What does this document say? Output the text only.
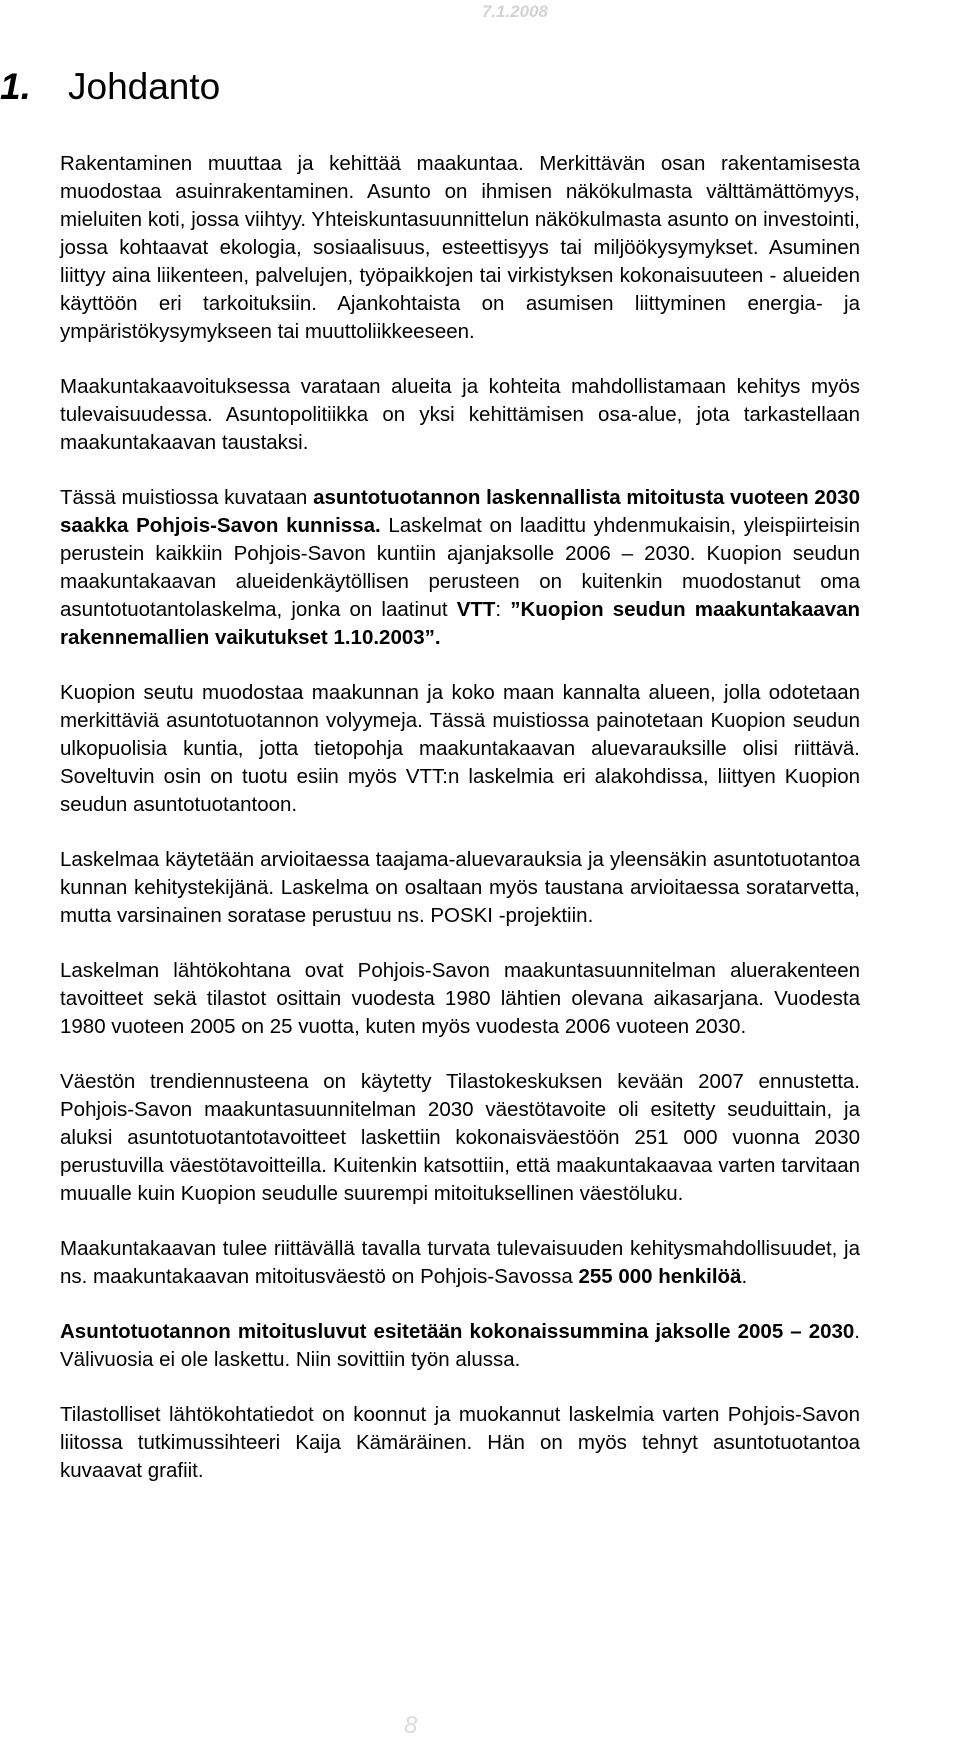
7.1.2008
1. Johdanto

Rakentaminen muuttaa ja kehittää maakuntaa. Merkittävän osan rakentamisesta muodostaa asuinrakentaminen. Asunto on ihmisen näkökulmasta välttämättömyys, mieluiten koti, jossa viihtyy. Yhteiskuntasuunnittelun näkökulmasta asunto on investointi, jossa kohtaavat ekologia, sosiaalisuus, esteettisyys tai miljöökysymykset. Asuminen liittyy aina liikenteen, palvelujen, työpaikkojen tai virkistyksen kokonaisuuteen - alueiden käyttöön eri tarkoituksiin. Ajankohtaista on asumisen liittyminen energia- ja ympäristökysymykseen tai muuttoliikkeeseen.

Maakuntakaavoituksessa varataan alueita ja kohteita mahdollistamaan kehitys myös tulevaisuudessa. Asuntopolitiikka on yksi kehittämisen osa-alue, jota tarkastellaan maakuntakaavan taustaksi.

Tässä muistiossa kuvataan asuntotuotannon laskennallista mitoitusta vuoteen 2030 saakka Pohjois-Savon kunnissa. Laskelmat on laadittu yhdenmukaisin, yleispiirteisin perustein kaikkiin Pohjois-Savon kuntiin ajanjaksolle 2006 – 2030. Kuopion seudun maakuntakaavan alueidenkäytöllisen perusteen on kuitenkin muodostanut oma asuntotuotantolaskelma, jonka on laatinut VTT: ”Kuopion seudun maakuntakaavan rakennemallien vaikutukset 1.10.2003”.

Kuopion seutu muodostaa maakunnan ja koko maan kannalta alueen, jolla odotetaan merkittäviä asuntotuotannon volyymeja. Tässä muistiossa painotetaan Kuopion seudun ulkopuolisia kuntia, jotta tietopohja maakuntakaavan aluevarauksille olisi riittävä. Soveltuvin osin on tuotu esiin myös VTT:n laskelmia eri alakohdissa, liittyen Kuopion seudun asuntotuotantoon.

Laskelmaa käytetään arvioitaessa taajama-aluevarauksia ja yleensäkin asuntotuotantoa kunnan kehitystekijänä. Laskelma on osaltaan myös taustana arvioitaessa soratarvetta, mutta varsinainen soratase perustuu ns. POSKI -projektiin.

Laskelman lähtökohtana ovat Pohjois-Savon maakuntasuunnitelman aluerakenteen tavoitteet sekä tilastot osittain vuodesta 1980 lähtien olevana aikasarjana. Vuodesta 1980 vuoteen 2005 on 25 vuotta, kuten myös vuodesta 2006 vuoteen 2030.

Väestön trendiennusteena on käytetty Tilastokeskuksen kevään 2007 ennustetta. Pohjois-Savon maakuntasuunnitelman 2030 väestötavoite oli esitetty seuduittain, ja aluksi asuntotuotantotavoitteet laskettiin kokonaisväestöön 251 000 vuonna 2030 perustuvilla väestötavoitteilla. Kuitenkin katsottiin, että maakuntakaavaa varten tarvitaan muualle kuin Kuopion seudulle suurempi mitoituksellinen väestöluku.

Maakuntakaavan tulee riittävällä tavalla turvata tulevaisuuden kehitysmahdollisuudet, ja ns. maakuntakaavan mitoitusväestö on Pohjois-Savossa 255 000 henkilöä.

Asuntotuotannon mitoitusluvut esitetään kokonaissummina jaksolle 2005 – 2030. Välivuosia ei ole laskettu. Niin sovittiin työn alussa.

Tilastolliset lähtökohtatiedot on koonnut ja muokannut laskelmia varten Pohjois-Savon liitossa tutkimussihteeri Kaija Kämäräinen. Hän on myös tehnyt asuntotuotantoa kuvaavat grafiit.

8
